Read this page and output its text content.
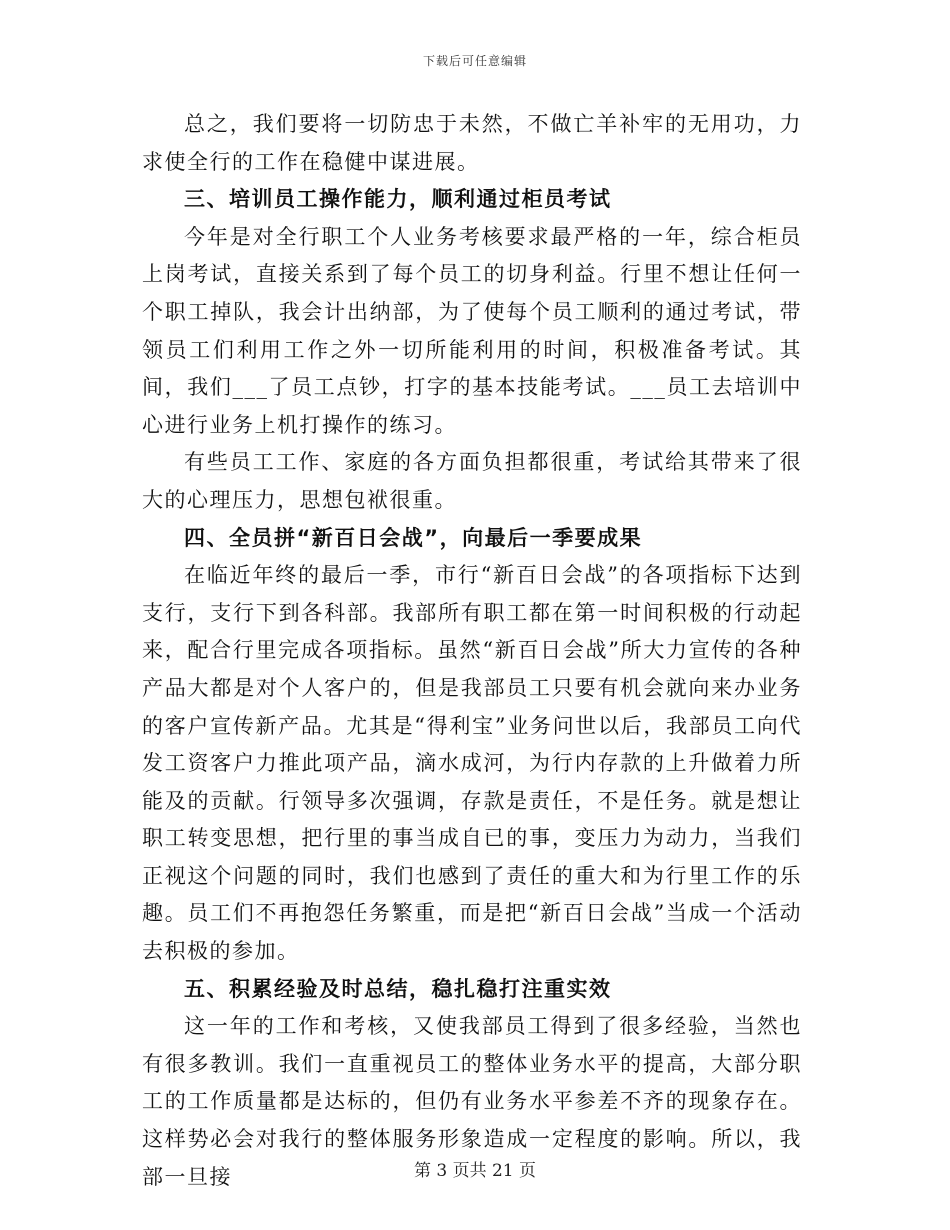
下载后可任意编辑

总之，我们要将一切防忠于未然，不做亡羊补牢的无用功，力求使全行的工作在稳健中谋进展。

三、培训员工操作能力，顺利通过柜员考试

今年是对全行职工个人业务考核要求最严格的一年，综合柜员上岗考试，直接关系到了每个员工的切身利益。行里不想让任何一个职工掉队，我会计出纳部，为了使每个员工顺利的通过考试，带领员工们利用工作之外一切所能利用的时间，积极准备考试。其间，我们___了员工点钞，打字的基本技能考试。___员工去培训中心进行业务上机打操作的练习。

有些员工工作、家庭的各方面负担都很重，考试给其带来了很大的心理压力，思想包袱很重。

四、全员拼“新百日会战”，向最后一季要成果

在临近年终的最后一季，市行“新百日会战”的各项指标下达到支行，支行下到各科部。我部所有职工都在第一时间积极的行动起来，配合行里完成各项指标。虽然“新百日会战”所大力宣传的各种产品大都是对个人客户的，但是我部员工只要有机会就向来办业务的客户宣传新产品。尤其是“得利宝”业务问世以后，我部员工向代发工资客户力推此项产品，滴水成河，为行内存款的上升做着力所能及的贡献。行领导多次强调，存款是责任，不是任务。就是想让职工转变思想，把行里的事当成自已的事，变压力为动力，当我们正视这个问题的同时，我们也感到了责任的重大和为行里工作的乐趣。员工们不再抱怨任务繁重，而是把“新百日会战”当成一个活动去积极的参加。

五、积累经验及时总结，稳扎稳打注重实效

这一年的工作和考核，又使我部员工得到了很多经验，当然也有很多教训。我们一直重视员工的整体业务水平的提高，大部分职工的工作质量都是达标的，但仍有业务水平参差不齐的现象存在。这样势必会对我行的整体服务形象造成一定程度的影响。所以，我部一旦接	第 3 页共 21 页
